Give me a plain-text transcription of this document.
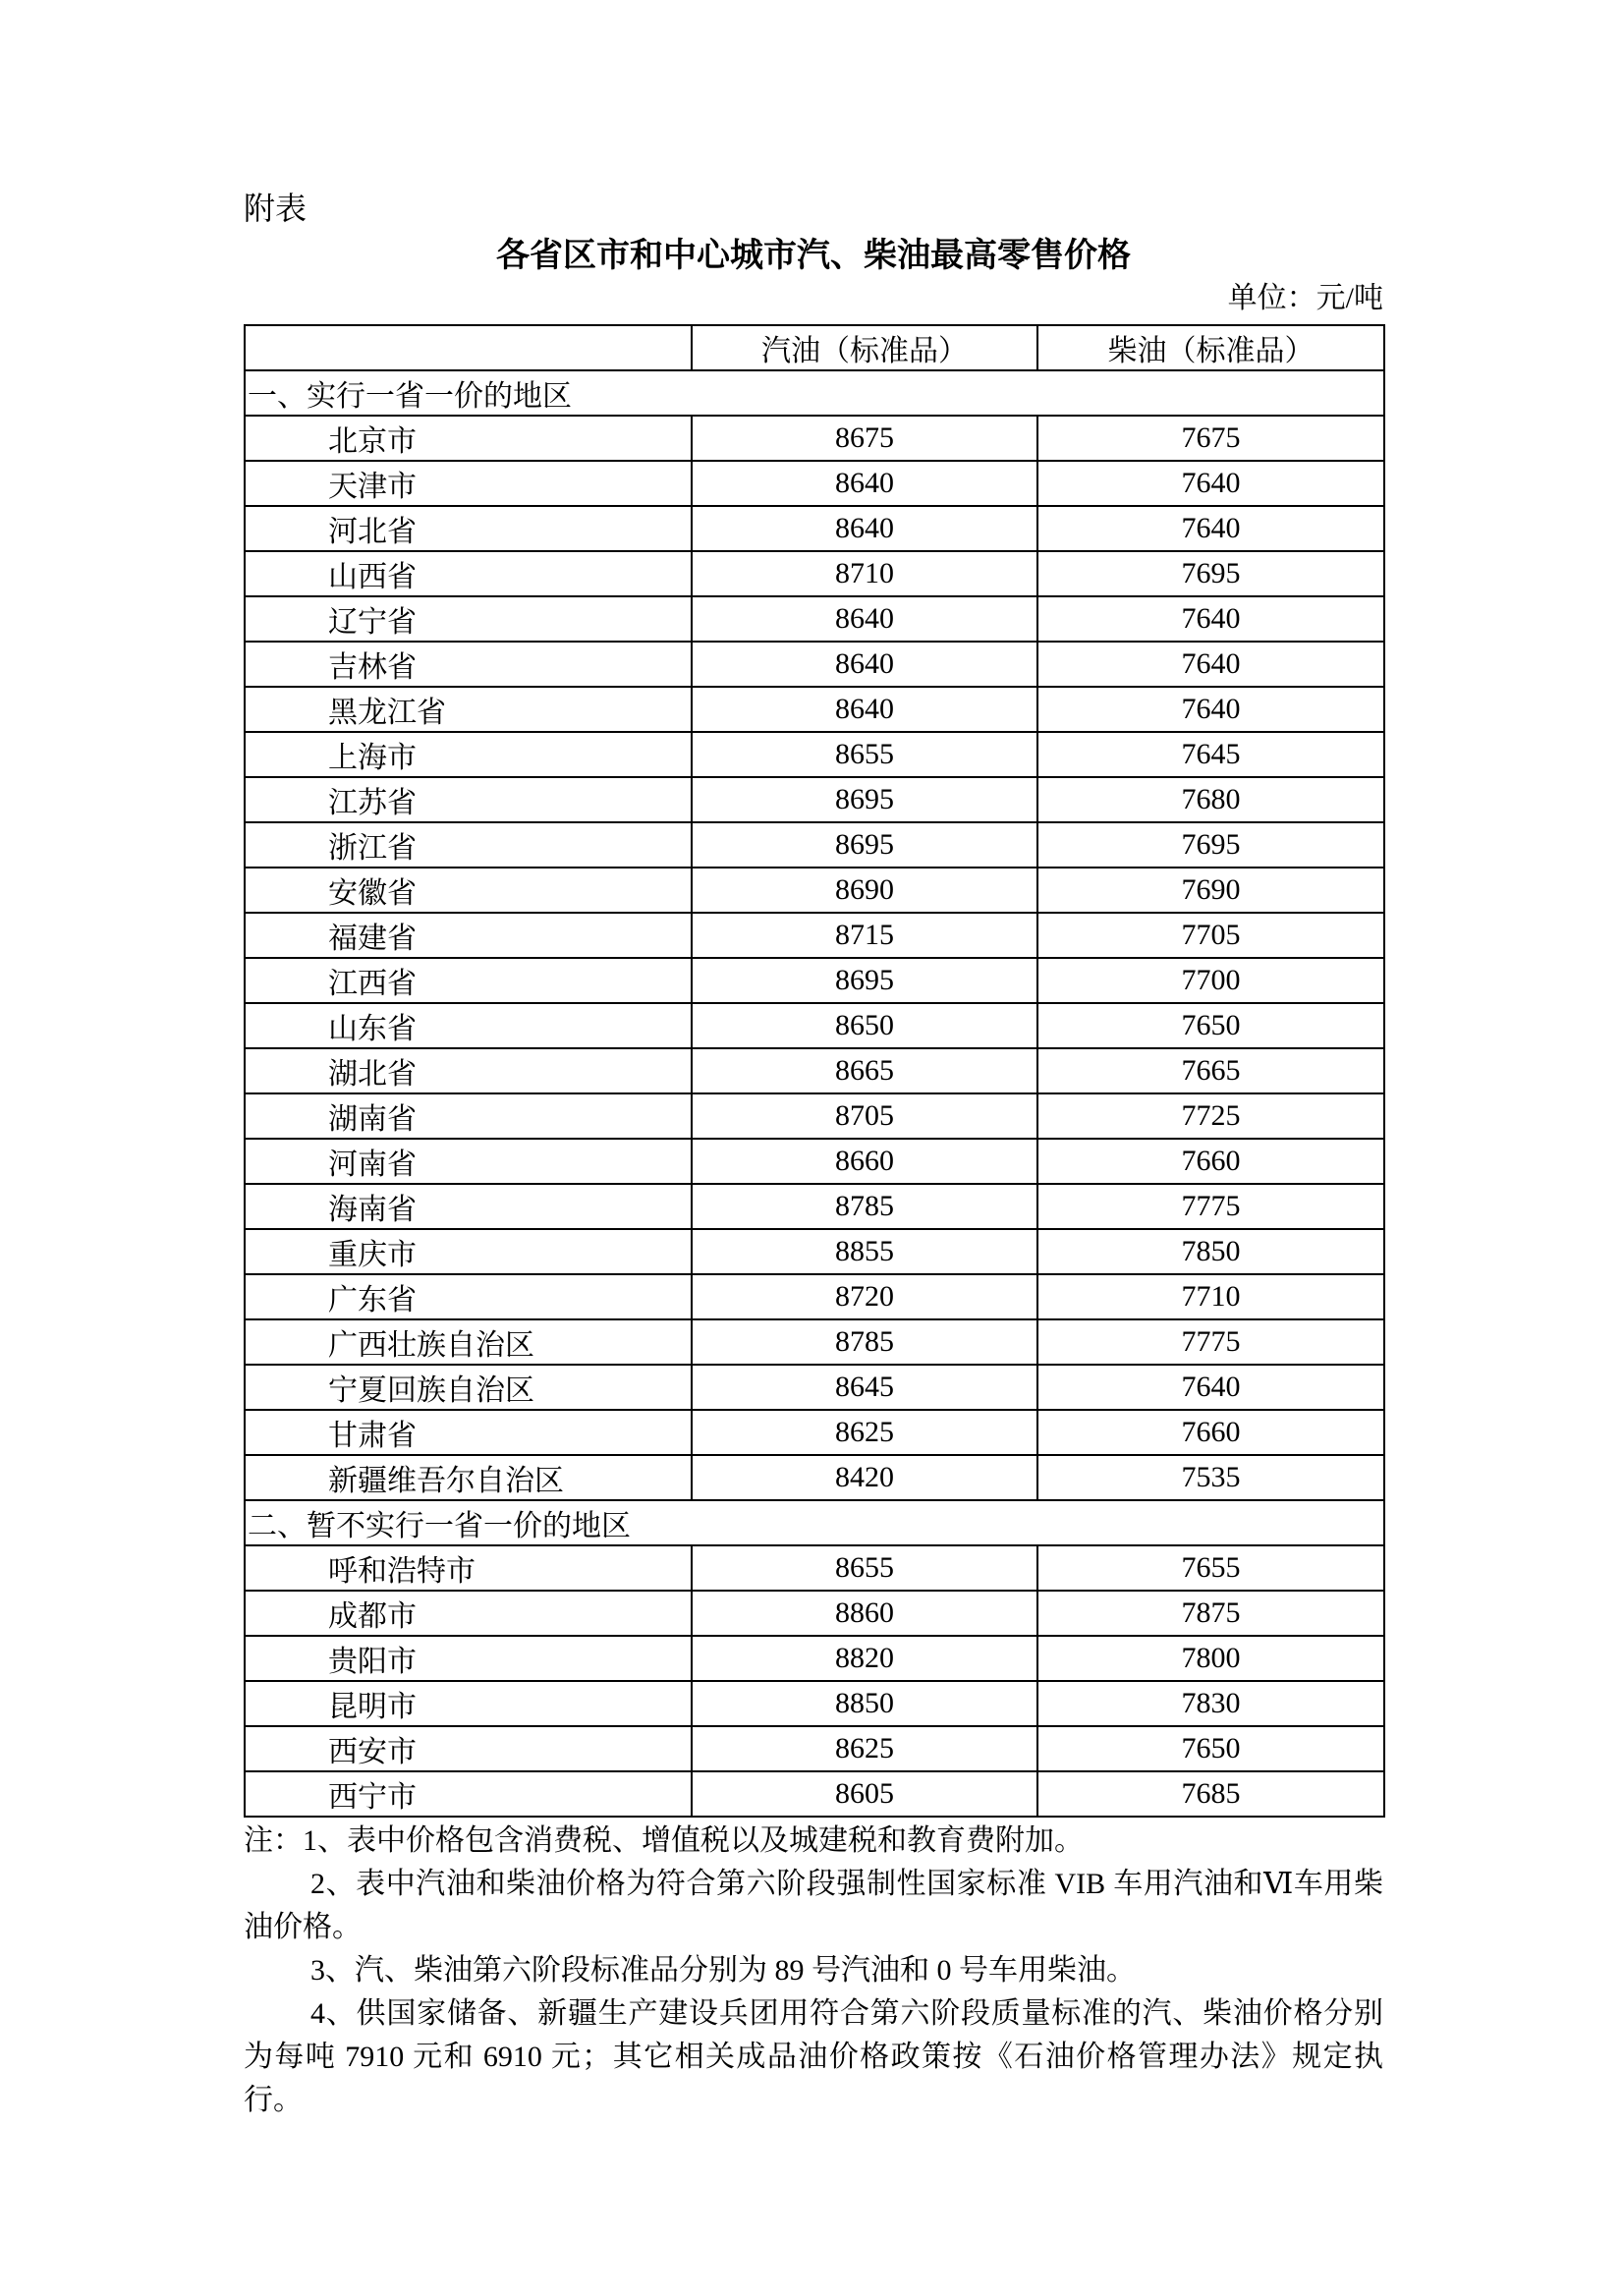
附表
各省区市和中心城市汽、柴油最高零售价格
单位：元/吨
	汽油（标准品）	柴油（标准品）
一、实行一省一价的地区		
北京市	8675	7675
天津市	8640	7640
河北省	8640	7640
山西省	8710	7695
辽宁省	8640	7640
吉林省	8640	7640
黑龙江省	8640	7640
上海市	8655	7645
江苏省	8695	7680
浙江省	8695	7695
安徽省	8690	7690
福建省	8715	7705
江西省	8695	7700
山东省	8650	7650
湖北省	8665	7665
湖南省	8705	7725
河南省	8660	7660
海南省	8785	7775
重庆市	8855	7850
广东省	8720	7710
广西壮族自治区	8785	7775
宁夏回族自治区	8645	7640
甘肃省	8625	7660
新疆维吾尔自治区	8420	7535
二、暂不实行一省一价的地区		
呼和浩特市	8655	7655
成都市	8860	7875
贵阳市	8820	7800
昆明市	8850	7830
西安市	8625	7650
西宁市	8605	7685

注：1、表中价格包含消费税、增值税以及城建税和教育费附加。

2、表中汽油和柴油价格为符合第六阶段强制性国家标准 VIB 车用汽油和Ⅵ车用柴油价格。

3、汽、柴油第六阶段标准品分别为 89 号汽油和 0 号车用柴油。

4、供国家储备、新疆生产建设兵团用符合第六阶段质量标准的汽、柴油价格分别为每吨 7910 元和 6910 元；其它相关成品油价格政策按《石油价格管理办法》规定执行。
